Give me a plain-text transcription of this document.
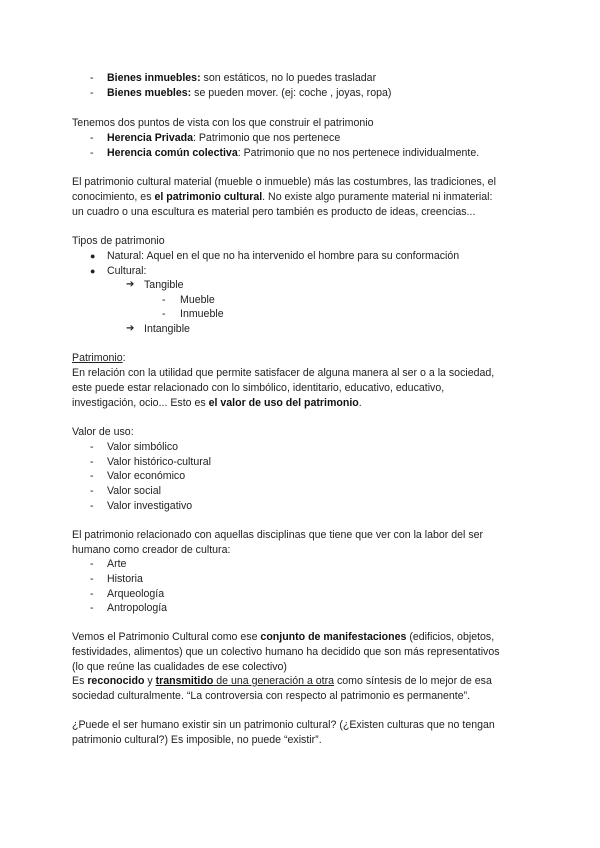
- Bienes inmuebles: son estáticos, no lo puedes trasladar
- Bienes muebles: se pueden mover. (ej: coche , joyas, ropa)
Tenemos dos puntos de vista con los que construir el patrimonio
- Herencia Privada: Patrimonio que nos pertenece
- Herencia común colectiva: Patrimonio que no nos pertenece individualmente.
El patrimonio cultural material (mueble o inmueble) más las costumbres, las tradiciones, el
conocimiento, es el patrimonio cultural. No existe algo puramente material ni inmaterial:
un cuadro o una escultura es material pero también es producto de ideas, creencias...
Tipos de patrimonio
● Natural: Aquel en el que no ha intervenido el hombre para su conformación
● Cultural:
➔ Tangible
- Mueble
- Inmueble
➔ Intangible
Patrimonio:
En relación con la utilidad que permite satisfacer de alguna manera al ser o a la sociedad,
este puede estar relacionado con lo simbólico, identitario, educativo, educativo,
investigación, ocio... Esto es el valor de uso del patrimonio.
Valor de uso:
- Valor simbólico
- Valor histórico-cultural
- Valor económico
- Valor social
- Valor investigativo
El patrimonio relacionado con aquellas disciplinas que tiene que ver con la labor del ser
humano como creador de cultura:
- Arte
- Historia
- Arqueología
- Antropología
Vemos el Patrimonio Cultural como ese conjunto de manifestaciones (edificios, objetos,
festividades, alimentos) que un colectivo humano ha decidido que son más representativos
(lo que reúne las cualidades de ese colectivo)
Es reconocido y transmitido de una generación a otra como síntesis de lo mejor de esa
sociedad culturalmente. “La controversia con respecto al patrimonio es permanente”.
¿Puede el ser humano existir sin un patrimonio cultural? (¿Existen culturas que no tengan
patrimonio cultural?) Es imposible, no puede “existir”.
